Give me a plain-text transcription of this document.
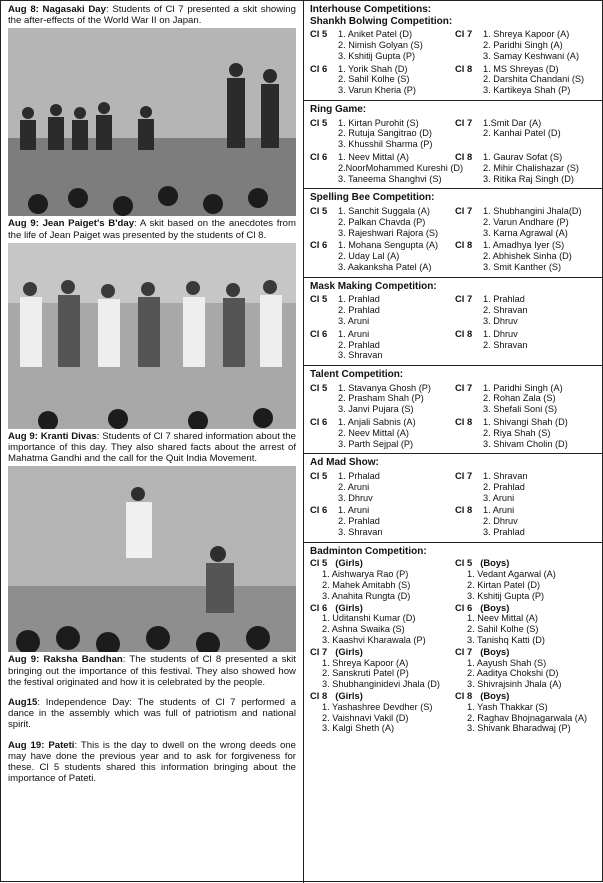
Aug 8: Nagasaki Day: Students of Cl 7 presented a skit showing the after-effects of the World War II on Japan.

Aug 9: Jean Paiget's B'day: A skit based on the anecdotes from the life of Jean Paiget was presented by the students of Cl 8.

Aug 9: Kranti Divas: Students of Cl 7 shared information about the importance of this day. They also shared facts about the arrest of Mahatma Gandhi and the call for the Quit India Movement.

Aug 9: Raksha Bandhan: The students of Cl 8 presented a skit bringing out the importance of this festival. They also showed how the festival originated and how it is celebrated by the people.

Aug15: Independence Day: The students of Cl 7 performed a dance in the assembly which was full of patriotism and national spirit.

Aug 19: Pateti: This is the day to dwell on the wrong deeds one may have done the previous year and to ask for forgiveness for these. Cl 5 students shared this information bringing about the importance of Pateti.

Interhouse Competitions:
Shankh Bolwing Competition:
Cl 5	1. Aniket Patel (D)
2. Nimish Golyan (S)
3. Kshitij Gupta (P)
Cl 7	1. Shreya Kapoor (A)
2. Paridhi Singh (A)
3. Samay Keshwani (A)
Cl 6	1. Yorik Shah (D)
2. Sahil Kolhe (S)
3. Varun Kheria (P)
Cl 8	1. MS Shreyas (D)
2. Darshita Chandani (S)
3. Kartikeya Shah (P)
Ring Game:
Cl 5	1. Kirtan Purohit (S)
2. Rutuja Sangitrao (D)
3. Khusshil Sharma (P)
Cl 7	1.Smit Dar (A)
2. Kanhai Patel (D)
Cl 6	1. Neev Mittal (A)
2.NoorMohammed Kureshi (D)
3. Taneema Shanghvi (S)
Cl 8	1. Gaurav Sofat (S)
2. Mihir Chalishazar (S)
3. Ritika Raj Singh (D)
Spelling Bee Competition:
Cl 5	1. Sanchit Suggala (A)
2. Palkan Chavda (P)
3. Rajeshwari Rajora (S)
Cl 7	1. Shubhangini Jhala(D)
2. Varun Andhare (P)
3. Karna Agrawal (A)
Cl 6	1. Mohana Sengupta (A)
2. Uday Lal (A)
3. Aakanksha Patel (A)
Cl 8	1. Amadhya Iyer (S)
2. Abhishek Sinha (D)
3. Smit Kanther (S)
Mask Making Competition:
Cl 5	1. Prahlad
2. Prahlad
3. Aruni
Cl 7	1. Prahlad
2. Shravan
3. Dhruv
Cl 6	1. Aruni
2. Prahlad
3. Shravan
Cl 8	1. Dhruv
2. Shravan
Talent Competition:
Cl 5	1. Stavanya Ghosh (P)
2. Prasham Shah (P)
3. Janvi Pujara (S)
Cl 7	1. Paridhi Singh (A)
2. Rohan Zala (S)
3. Shefali Soni (S)
Cl 6	1. Anjali Sabnis (A)
2. Neev Mittal (A)
3. Parth Sejpal (P)
Cl 8	1. Shivangi Shah (D)
2. Riya Shah (S)
3. Shivam Cholin (D)
Ad Mad Show:
Cl 5	1. Prhalad
2. Aruni
3. Dhruv
Cl 7	1. Shravan
2. Prahlad
3. Aruni
Cl 6	1. Aruni
2. Prahlad
3. Shravan
Cl 8	1. Aruni
2. Dhruv
3. Prahlad
Badminton Competition:
Cl 5 (Girls)
1. Aishwarya Rao (P)
2. Mahek Amitabh (S)
3. Anahita Rungta (D)
Cl 5 (Boys)
1. Vedant Agarwal (A)
2. Kirtan Patel (D)
3. Kshitij Gupta (P)
Cl 6 (Girls)
1. Uditanshi Kumar (D)
2. Ashna Swaika (S)
3. Kaashvi Kharawala (P)
Cl 6 (Boys)
1. Neev Mittal (A)
2. Sahil Kolhe (S)
3. Tanishq Katti (D)
Cl 7 (Girls)
1. Shreya Kapoor (A)
2. Sanskruti Patel (P)
3. Shubhanginidevi Jhala (D)
Cl 7 (Boys)
1. Aayush Shah (S)
2. Aaditya Chokshi (D)
3. Shivrajsinh Jhala (A)
Cl 8 (Girls)
1. Yashashree Devdher (S)
2. Vaishnavi Vakil (D)
3. Kalgi Sheth (A)
Cl 8 (Boys)
1. Yash Thakkar (S)
2. Raghav Bhojnagarwala (A)
3. Shivank Bharadwaj (P)
